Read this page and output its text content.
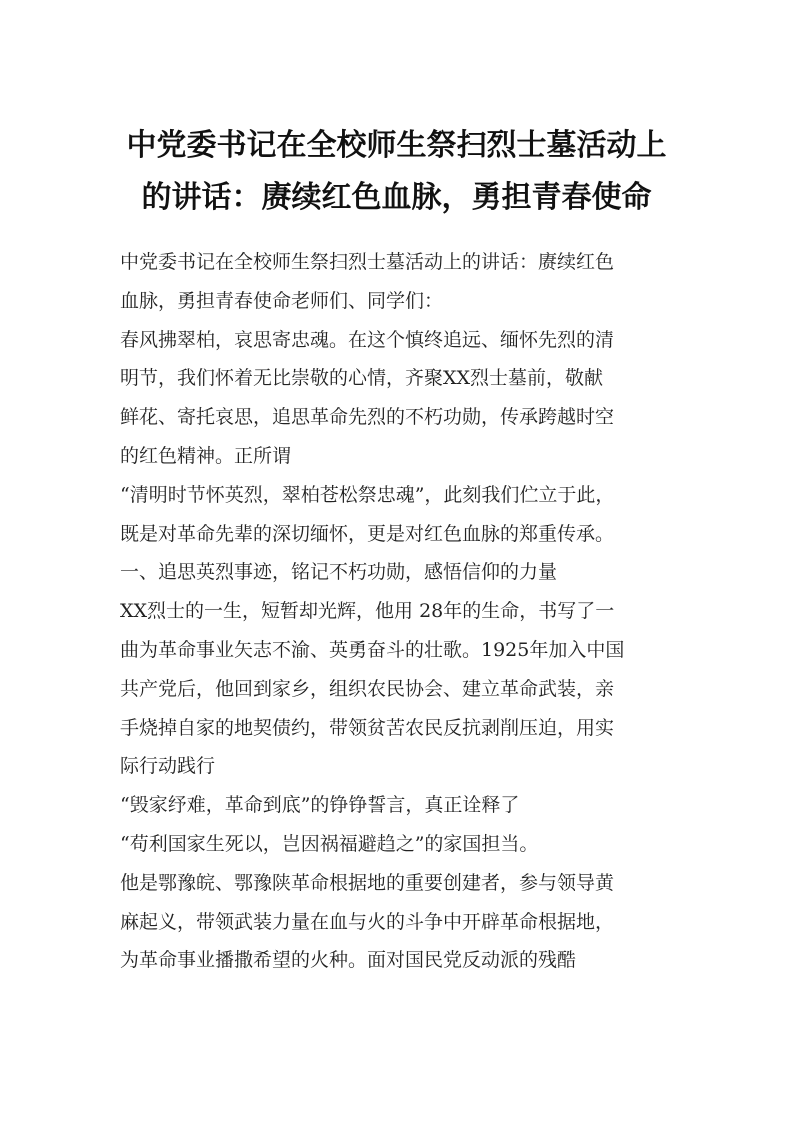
中党委书记在全校师生祭扫烈士墓活动上
的讲话：赓续红色血脉，勇担青春使命
中党委书记在全校师生祭扫烈士墓活动上的讲话：赓续红色
血脉，勇担青春使命老师们、同学们：
春风拂翠柏，哀思寄忠魂。在这个慎终追远、缅怀先烈的清
明节，我们怀着无比崇敬的心情，齐聚XX烈士墓前，敬献
鲜花、寄托哀思，追思革命先烈的不朽功勋，传承跨越时空
的红色精神。正所谓
“清明时节怀英烈，翠柏苍松祭忠魂”，此刻我们伫立于此，
既是对革命先辈的深切缅怀，更是对红色血脉的郑重传承。
一、追思英烈事迹，铭记不朽功勋，感悟信仰的力量
XX烈士的一生，短暂却光辉，他用 28年的生命，书写了一
曲为革命事业矢志不渝、英勇奋斗的壮歌。1925年加入中国
共产党后，他回到家乡，组织农民协会、建立革命武装，亲
手烧掉自家的地契债约，带领贫苦农民反抗剥削压迫，用实
际行动践行
“毁家纾难，革命到底”的铮铮誓言，真正诠释了
“苟利国家生死以，岂因祸福避趋之”的家国担当。
他是鄂豫皖、鄂豫陕革命根据地的重要创建者，参与领导黄
麻起义，带领武装力量在血与火的斗争中开辟革命根据地，
为革命事业播撒希望的火种。面对国民党反动派的残酷
